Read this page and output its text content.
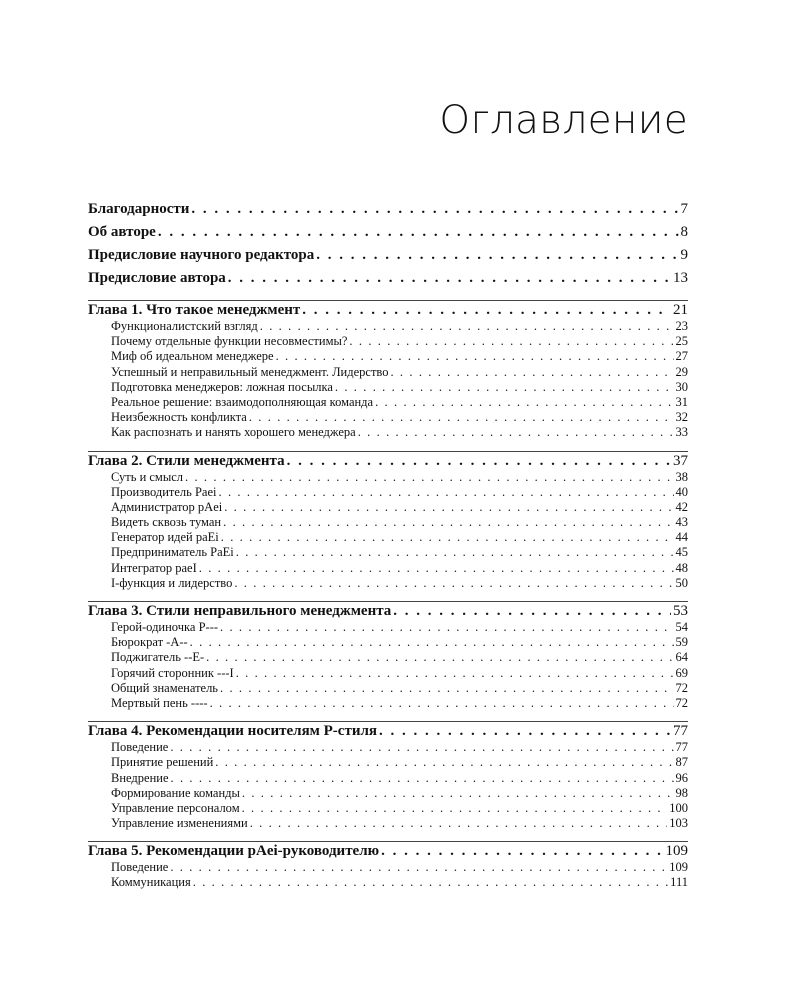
Оглавление
Благодарности . . .	7
Об авторе . . .	8
Предисловие научного редактора . . .	9
Предисловие автора . . .	13
Глава 1. Что такое менеджмент . . .	21
Функционалистский взгляд . . .	23
Почему отдельные функции несовместимы? . . .	25
Миф об идеальном менеджере . . .	27
Успешный и неправильный менеджмент. Лидерство . . .	29
Подготовка менеджеров: ложная посылка . . .	30
Реальное решение: взаимодополняющая команда . . .	31
Неизбежность конфликта . . .	32
Как распознать и нанять хорошего менеджера . . .	33
Глава 2. Стили менеджмента . . .	37
Суть и смысл . . .	38
Производитель Paei . . .	40
Администратор pAei . . .	42
Видеть сквозь туман . . .	43
Генератор идей paEi . . .	44
Предприниматель PaEi . . .	45
Интегратор paeI . . .	48
I-функция и лидерство . . .	50
Глава 3. Стили неправильного менеджмента . . .	53
Герой-одиночка P--- . . .	54
Бюрократ -A-- . . .	59
Поджигатель --E- . . .	64
Горячий сторонник ---I . . .	69
Общий знаменатель . . .	72
Мертвый пень ---- . . .	72
Глава 4. Рекомендации носителям P-стиля . . .	77
Поведение . . .	77
Принятие решений . . .	87
Внедрение . . .	96
Формирование команды . . .	98
Управление персоналом . . .	100
Управление изменениями . . .	103
Глава 5. Рекомендации pAei-руководителю . . .	109
Поведение . . .	109
Коммуникация . . .	111
